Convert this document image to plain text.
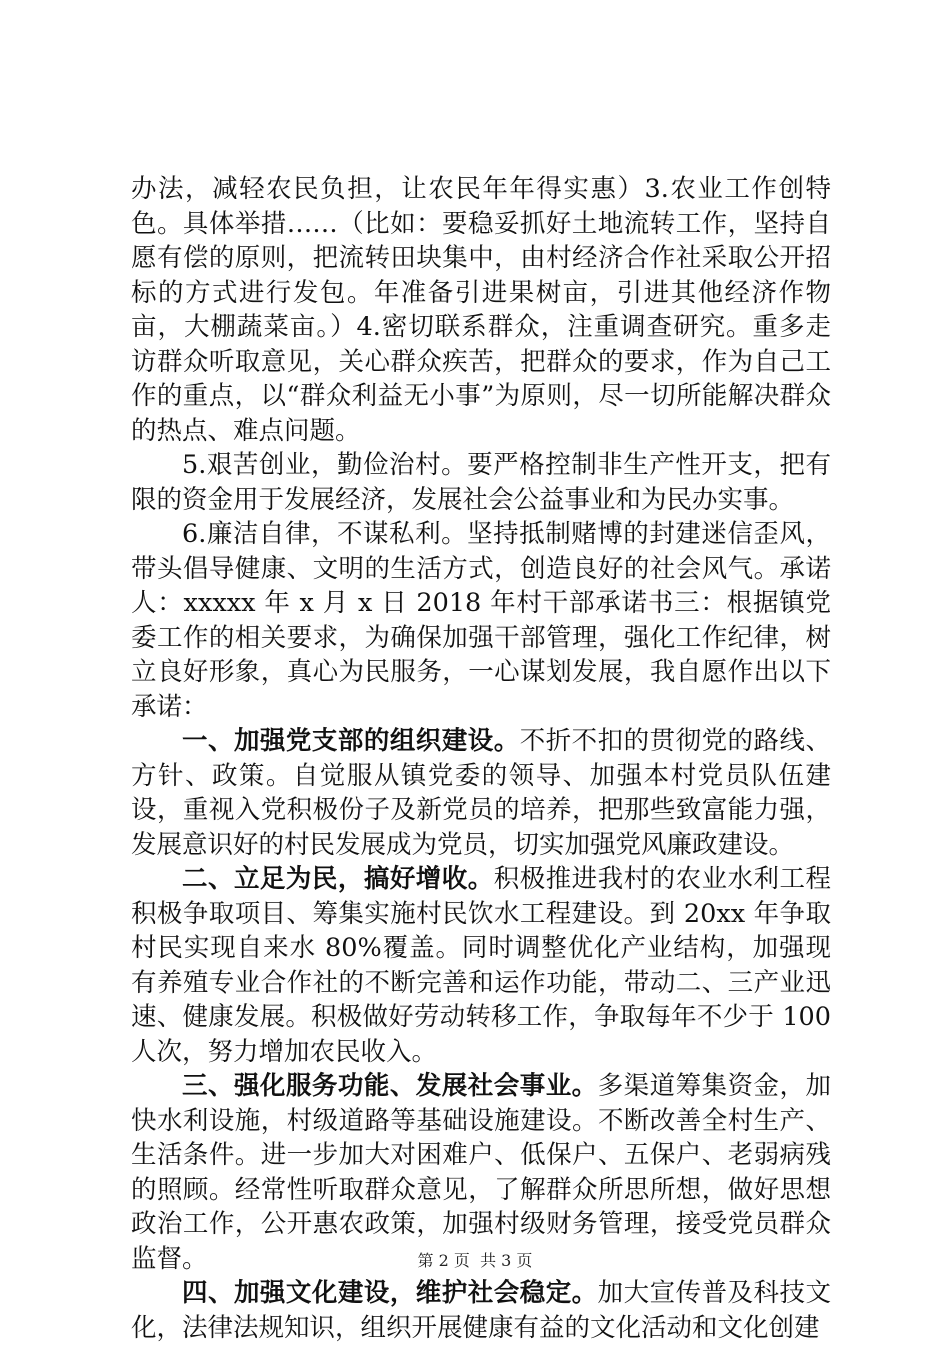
办法，减轻农民负担，让农民年年得实惠）3.农业工作创特色。具体举措……（比如：要稳妥抓好土地流转工作，坚持自愿有偿的原则，把流转田块集中，由村经济合作社采取公开招标的方式进行发包。年准备引进果树亩，引进其他经济作物亩，大棚蔬菜亩。）4.密切联系群众，注重调查研究。重多走访群众听取意见，关心群众疾苦，把群众的要求，作为自己工作的重点，以“群众利益无小事”为原则，尽一切所能解决群众的热点、难点问题。

5.艰苦创业，勤俭治村。要严格控制非生产性开支，把有限的资金用于发展经济，发展社会公益事业和为民办实事。

6.廉洁自律，不谋私利。坚持抵制赌博的封建迷信歪风，带头倡导健康、文明的生活方式，创造良好的社会风气。承诺人：xxxxx 年 x 月 x 日 2018 年村干部承诺书三：根据镇党委工作的相关要求，为确保加强干部管理，强化工作纪律，树立良好形象，真心为民服务，一心谋划发展，我自愿作出以下承诺：

一、加强党支部的组织建设。不折不扣的贯彻党的路线、方针、政策。自觉服从镇党委的领导、加强本村党员队伍建设，重视入党积极份子及新党员的培养，把那些致富能力强，发展意识好的村民发展成为党员，切实加强党风廉政建设。

二、立足为民，搞好增收。积极推进我村的农业水利工程积极争取项目、筹集实施村民饮水工程建设。到 20xx 年争取村民实现自来水 80%覆盖。同时调整优化产业结构，加强现有养殖专业合作社的不断完善和运作功能，带动二、三产业迅速、健康发展。积极做好劳动转移工作，争取每年不少于 100 人次，努力增加农民收入。

三、强化服务功能、发展社会事业。多渠道筹集资金，加快水利设施，村级道路等基础设施建设。不断改善全村生产、生活条件。进一步加大对困难户、低保户、五保户、老弱病残的照顾。经常性听取群众意见，了解群众所思所想，做好思想政治工作，公开惠农政策，加强村级财务管理，接受党员群众监督。

四、加强文化建设，维护社会稳定。加大宣传普及科技文化，法律法规知识，组织开展健康有益的文化活动和文化创建

第 2 页  共 3 页
